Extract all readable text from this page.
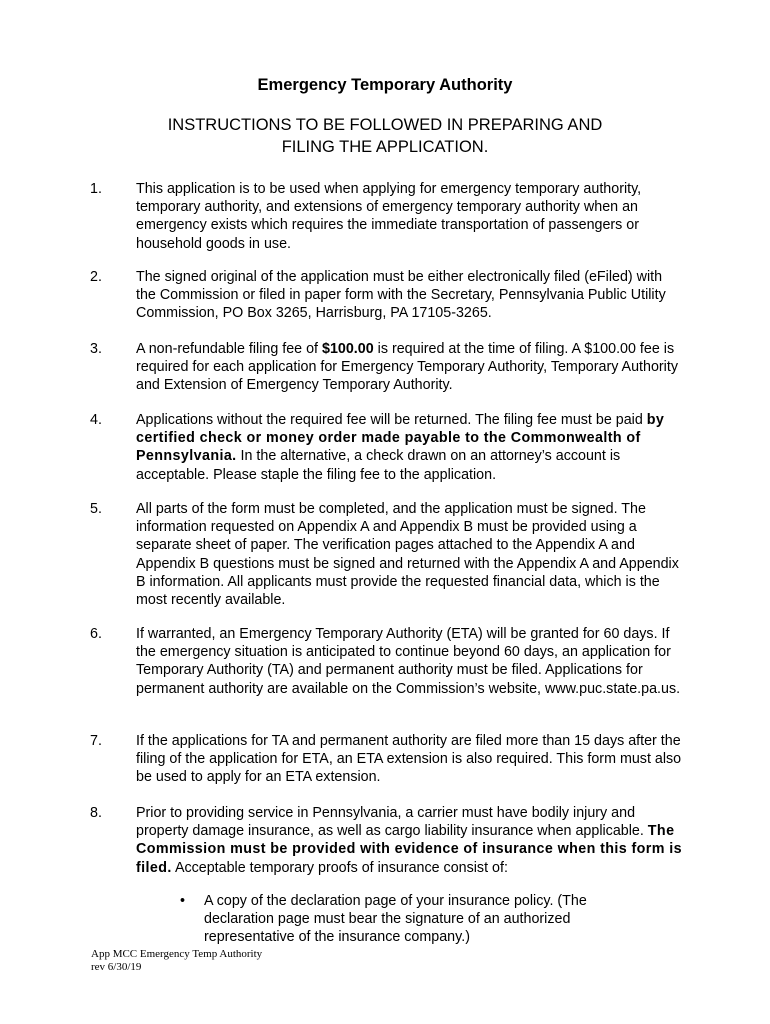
Emergency Temporary Authority
INSTRUCTIONS TO BE FOLLOWED IN PREPARING AND
FILING THE APPLICATION.
1. This application is to be used when applying for emergency temporary authority, temporary authority, and extensions of emergency temporary authority when an emergency exists which requires the immediate transportation of passengers or household goods in use.
2. The signed original of the application must be either electronically filed (eFiled) with the Commission or filed in paper form with the Secretary, Pennsylvania Public Utility Commission, PO Box 3265, Harrisburg, PA 17105-3265.
3. A non-refundable filing fee of $100.00 is required at the time of filing. A $100.00 fee is required for each application for Emergency Temporary Authority, Temporary Authority and Extension of Emergency Temporary Authority.
4. Applications without the required fee will be returned. The filing fee must be paid by certified check or money order made payable to the Commonwealth of Pennsylvania. In the alternative, a check drawn on an attorney’s account is acceptable. Please staple the filing fee to the application.
5. All parts of the form must be completed, and the application must be signed. The information requested on Appendix A and Appendix B must be provided using a separate sheet of paper. The verification pages attached to the Appendix A and Appendix B questions must be signed and returned with the Appendix A and Appendix B information. All applicants must provide the requested financial data, which is the most recently available.
6. If warranted, an Emergency Temporary Authority (ETA) will be granted for 60 days. If the emergency situation is anticipated to continue beyond 60 days, an application for Temporary Authority (TA) and permanent authority must be filed. Applications for permanent authority are available on the Commission’s website, www.puc.state.pa.us.
7. If the applications for TA and permanent authority are filed more than 15 days after the filing of the application for ETA, an ETA extension is also required. This form must also be used to apply for an ETA extension.
8. Prior to providing service in Pennsylvania, a carrier must have bodily injury and property damage insurance, as well as cargo liability insurance when applicable. The Commission must be provided with evidence of insurance when this form is filed. Acceptable temporary proofs of insurance consist of:
• A copy of the declaration page of your insurance policy. (The declaration page must bear the signature of an authorized representative of the insurance company.)
App MCC Emergency Temp Authority
rev 6/30/19
